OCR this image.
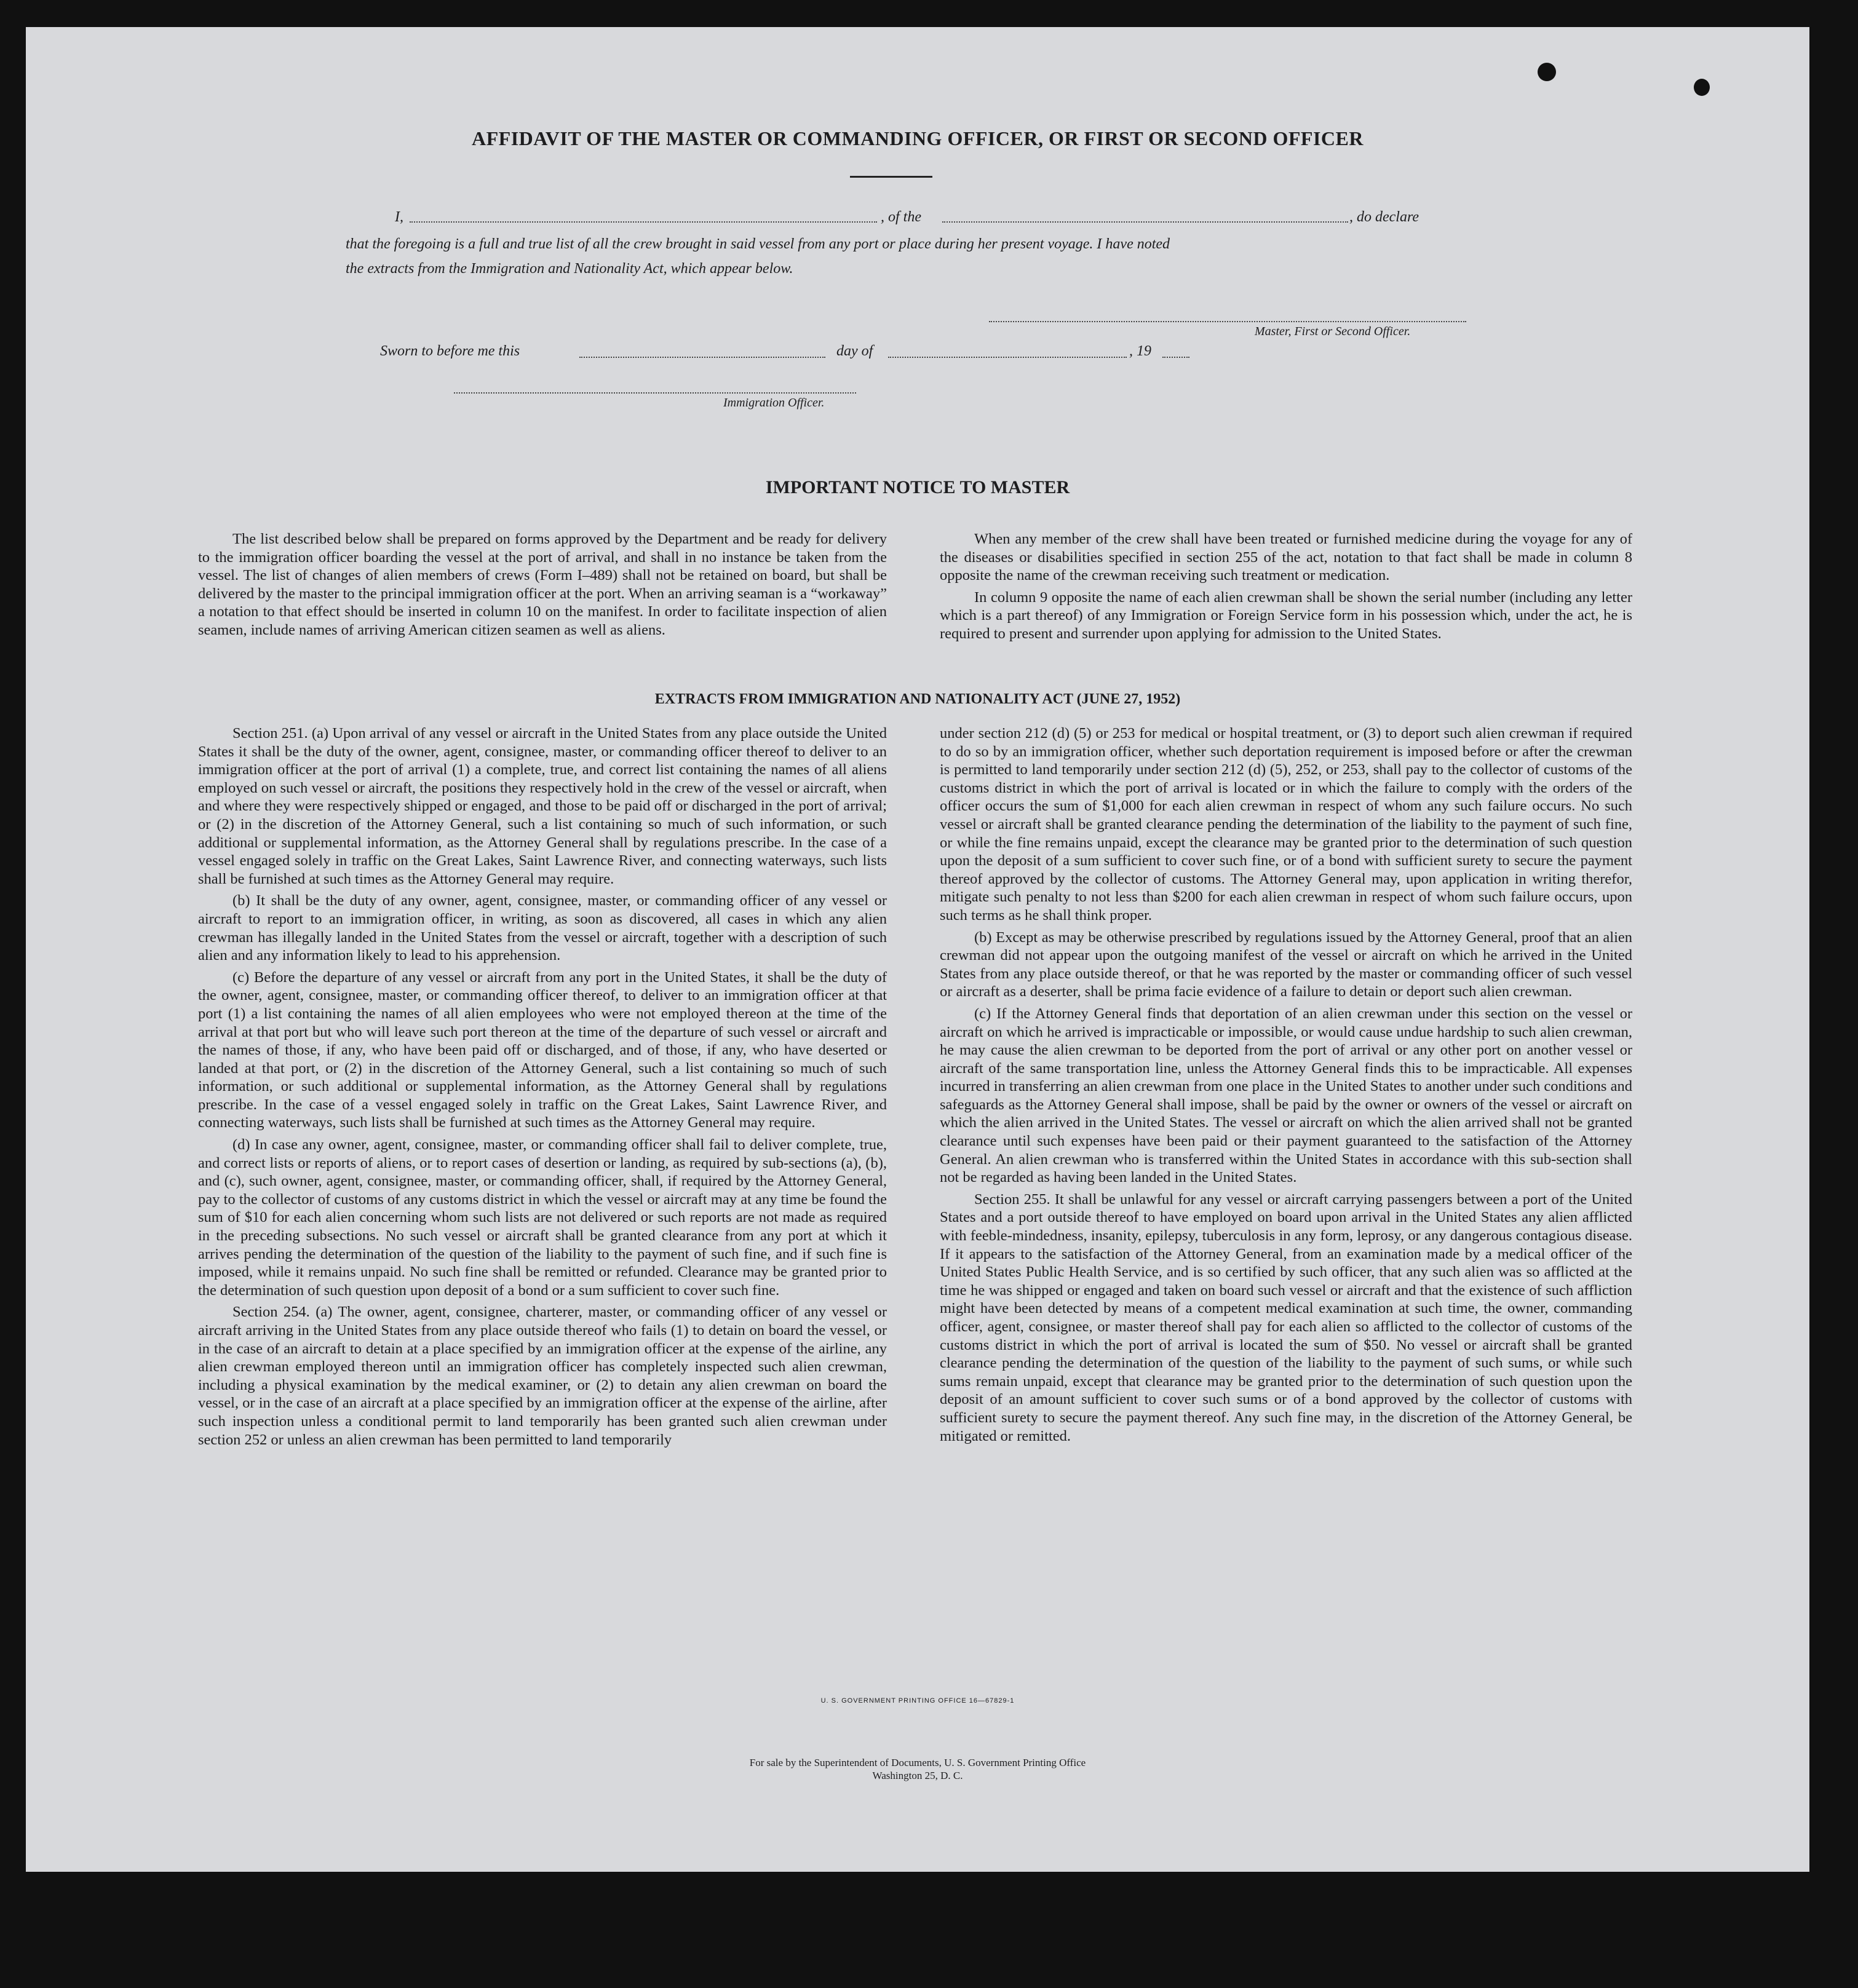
AFFIDAVIT OF THE MASTER OR COMMANDING OFFICER, OR FIRST OR SECOND OFFICER
I,	, of the	, do declare
that the foregoing is a full and true list of all the crew brought in said vessel from any port or place during her present voyage. I have noted
the extracts from the Immigration and Nationality Act, which appear below.
Master, First or Second Officer.
Sworn to before me this	day of	, 19
Immigration Officer.
IMPORTANT NOTICE TO MASTER

The list described below shall be prepared on forms approved by the Department and be ready for delivery to the immigration officer boarding the vessel at the port of arrival, and shall in no instance be taken from the vessel. The list of changes of alien members of crews (Form I–489) shall not be retained on board, but shall be delivered by the master to the principal immigration officer at the port. When an arriving seaman is a “workaway” a notation to that effect should be inserted in column 10 on the manifest. In order to facilitate inspection of alien seamen, include names of arriving American citizen seamen as well as aliens.

When any member of the crew shall have been treated or furnished medicine during the voyage for any of the diseases or disabilities specified in section 255 of the act, notation to that fact shall be made in column 8 opposite the name of the crewman receiving such treatment or medication.

In column 9 opposite the name of each alien crewman shall be shown the serial number (including any letter which is a part thereof) of any Immigration or Foreign Service form in his possession which, under the act, he is required to present and surrender upon applying for admission to the United States.

EXTRACTS FROM IMMIGRATION AND NATIONALITY ACT (JUNE 27, 1952)

Section 251. (a) Upon arrival of any vessel or aircraft in the United States from any place outside the United States it shall be the duty of the owner, agent, consignee, master, or commanding officer thereof to deliver to an immigration officer at the port of arrival (1) a complete, true, and correct list containing the names of all aliens employed on such vessel or aircraft, the positions they respectively hold in the crew of the vessel or aircraft, when and where they were respectively shipped or engaged, and those to be paid off or discharged in the port of arrival; or (2) in the discretion of the Attorney General, such a list containing so much of such information, or such additional or supplemental information, as the Attorney General shall by regulations prescribe. In the case of a vessel engaged solely in traffic on the Great Lakes, Saint Lawrence River, and connecting waterways, such lists shall be furnished at such times as the Attorney General may require.

(b) It shall be the duty of any owner, agent, consignee, master, or commanding officer of any vessel or aircraft to report to an immigration officer, in writing, as soon as discovered, all cases in which any alien crewman has illegally landed in the United States from the vessel or aircraft, together with a description of such alien and any information likely to lead to his apprehension.

(c) Before the departure of any vessel or aircraft from any port in the United States, it shall be the duty of the owner, agent, consignee, master, or commanding officer thereof, to deliver to an immigration officer at that port (1) a list containing the names of all alien employees who were not employed thereon at the time of the arrival at that port but who will leave such port thereon at the time of the departure of such vessel or aircraft and the names of those, if any, who have been paid off or discharged, and of those, if any, who have deserted or landed at that port, or (2) in the discretion of the Attorney General, such a list containing so much of such information, or such additional or supplemental information, as the Attorney General shall by regulations prescribe. In the case of a vessel engaged solely in traffic on the Great Lakes, Saint Lawrence River, and connecting waterways, such lists shall be furnished at such times as the Attorney General may require.

(d) In case any owner, agent, consignee, master, or commanding officer shall fail to deliver complete, true, and correct lists or reports of aliens, or to report cases of desertion or landing, as required by sub-sections (a), (b), and (c), such owner, agent, consignee, master, or commanding officer, shall, if required by the Attorney General, pay to the collector of customs of any customs district in which the vessel or aircraft may at any time be found the sum of $10 for each alien concerning whom such lists are not delivered or such reports are not made as required in the preceding subsections. No such vessel or aircraft shall be granted clearance from any port at which it arrives pending the determination of the question of the liability to the payment of such fine, and if such fine is imposed, while it remains unpaid. No such fine shall be remitted or refunded. Clearance may be granted prior to the determination of such question upon deposit of a bond or a sum sufficient to cover such fine.

Section 254. (a) The owner, agent, consignee, charterer, master, or commanding officer of any vessel or aircraft arriving in the United States from any place outside thereof who fails (1) to detain on board the vessel, or in the case of an aircraft to detain at a place specified by an immigration officer at the expense of the airline, any alien crewman employed thereon until an immigration officer has completely inspected such alien crewman, including a physical examination by the medical examiner, or (2) to detain any alien crewman on board the vessel, or in the case of an aircraft at a place specified by an immigration officer at the expense of the airline, after such inspection unless a conditional permit to land temporarily has been granted such alien crewman under section 252 or unless an alien crewman has been permitted to land temporarily

under section 212 (d) (5) or 253 for medical or hospital treatment, or (3) to deport such alien crewman if required to do so by an immigration officer, whether such deportation requirement is imposed before or after the crewman is permitted to land temporarily under section 212 (d) (5), 252, or 253, shall pay to the collector of customs of the customs district in which the port of arrival is located or in which the failure to comply with the orders of the officer occurs the sum of $1,000 for each alien crewman in respect of whom any such failure occurs. No such vessel or aircraft shall be granted clearance pending the determination of the liability to the payment of such fine, or while the fine remains unpaid, except the clearance may be granted prior to the determination of such question upon the deposit of a sum sufficient to cover such fine, or of a bond with sufficient surety to secure the payment thereof approved by the collector of customs. The Attorney General may, upon application in writing therefor, mitigate such penalty to not less than $200 for each alien crewman in respect of whom such failure occurs, upon such terms as he shall think proper.

(b) Except as may be otherwise prescribed by regulations issued by the Attorney General, proof that an alien crewman did not appear upon the outgoing manifest of the vessel or aircraft on which he arrived in the United States from any place outside thereof, or that he was reported by the master or commanding officer of such vessel or aircraft as a deserter, shall be prima facie evidence of a failure to detain or deport such alien crewman.

(c) If the Attorney General finds that deportation of an alien crewman under this section on the vessel or aircraft on which he arrived is impracticable or impossible, or would cause undue hardship to such alien crewman, he may cause the alien crewman to be deported from the port of arrival or any other port on another vessel or aircraft of the same transportation line, unless the Attorney General finds this to be impracticable. All expenses incurred in transferring an alien crewman from one place in the United States to another under such conditions and safeguards as the Attorney General shall impose, shall be paid by the owner or owners of the vessel or aircraft on which the alien arrived in the United States. The vessel or aircraft on which the alien arrived shall not be granted clearance until such expenses have been paid or their payment guaranteed to the satisfaction of the Attorney General. An alien crewman who is transferred within the United States in accordance with this sub-section shall not be regarded as having been landed in the United States.

Section 255. It shall be unlawful for any vessel or aircraft carrying passengers between a port of the United States and a port outside thereof to have employed on board upon arrival in the United States any alien afflicted with feeble-mindedness, insanity, epilepsy, tuberculosis in any form, leprosy, or any dangerous contagious disease. If it appears to the satisfaction of the Attorney General, from an examination made by a medical officer of the United States Public Health Service, and is so certified by such officer, that any such alien was so afflicted at the time he was shipped or engaged and taken on board such vessel or aircraft and that the existence of such affliction might have been detected by means of a competent medical examination at such time, the owner, commanding officer, agent, consignee, or master thereof shall pay for each alien so afflicted to the collector of customs of the customs district in which the port of arrival is located the sum of $50. No vessel or aircraft shall be granted clearance pending the determination of the question of the liability to the payment of such sums, or while such sums remain unpaid, except that clearance may be granted prior to the determination of such question upon the deposit of an amount sufficient to cover such sums or of a bond approved by the collector of customs with sufficient surety to secure the payment thereof. Any such fine may, in the discretion of the Attorney General, be mitigated or remitted.

U. S. GOVERNMENT PRINTING OFFICE 16—67829-1
For sale by the Superintendent of Documents, U. S. Government Printing Office
Washington 25, D. C.
